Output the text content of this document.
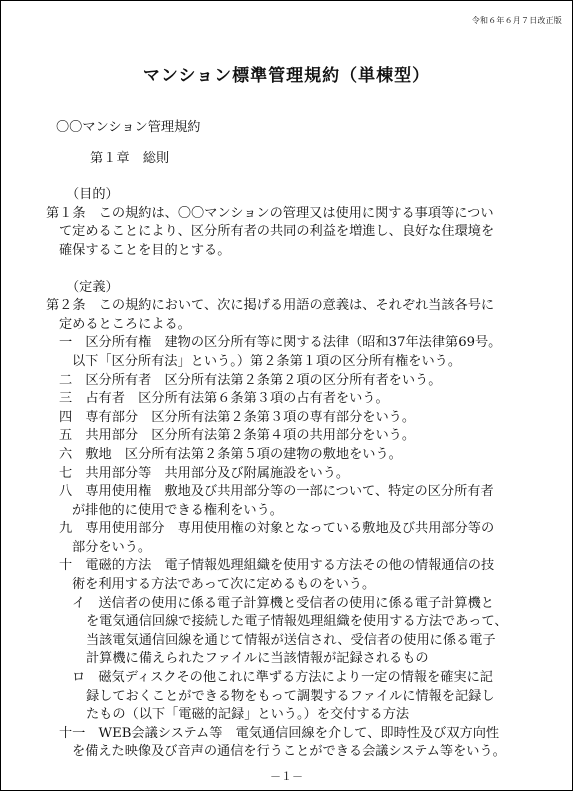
令和６年６月７日改正版
マンション標準管理規約（単棟型）
〇〇マンション管理規約
第１章　総則
（目的）
第１条　この規約は、〇〇マンションの管理又は使用に関する事項等につい
て定めることにより、区分所有者の共同の利益を増進し、良好な住環境を
確保することを目的とする。
（定義）
第２条　この規約において、次に掲げる用語の意義は、それぞれ当該各号に
定めるところによる。
一　区分所有権　建物の区分所有等に関する法律（昭和37年法律第69号。
以下「区分所有法」という。）第２条第１項の区分所有権をいう。
二　区分所有者　区分所有法第２条第２項の区分所有者をいう。
三　占有者　区分所有法第６条第３項の占有者をいう。
四　専有部分　区分所有法第２条第３項の専有部分をいう。
五　共用部分　区分所有法第２条第４項の共用部分をいう。
六　敷地　区分所有法第２条第５項の建物の敷地をいう。
七　共用部分等　共用部分及び附属施設をいう。
八　専用使用権　敷地及び共用部分等の一部について、特定の区分所有者
が排他的に使用できる権利をいう。
九　専用使用部分　専用使用権の対象となっている敷地及び共用部分等の
部分をいう。
十　電磁的方法　電子情報処理組織を使用する方法その他の情報通信の技
術を利用する方法であって次に定めるものをいう。
イ　送信者の使用に係る電子計算機と受信者の使用に係る電子計算機と
を電気通信回線で接続した電子情報処理組織を使用する方法であって、
当該電気通信回線を通じて情報が送信され、受信者の使用に係る電子
計算機に備えられたファイルに当該情報が記録されるもの
ロ　磁気ディスクその他これに準ずる方法により一定の情報を確実に記
録しておくことができる物をもって調製するファイルに情報を記録し
たもの（以下「電磁的記録」という。）を交付する方法
十一　WEB会議システム等　電気通信回線を介して、即時性及び双方向性
を備えた映像及び音声の通信を行うことができる会議システム等をいう。
－１－
